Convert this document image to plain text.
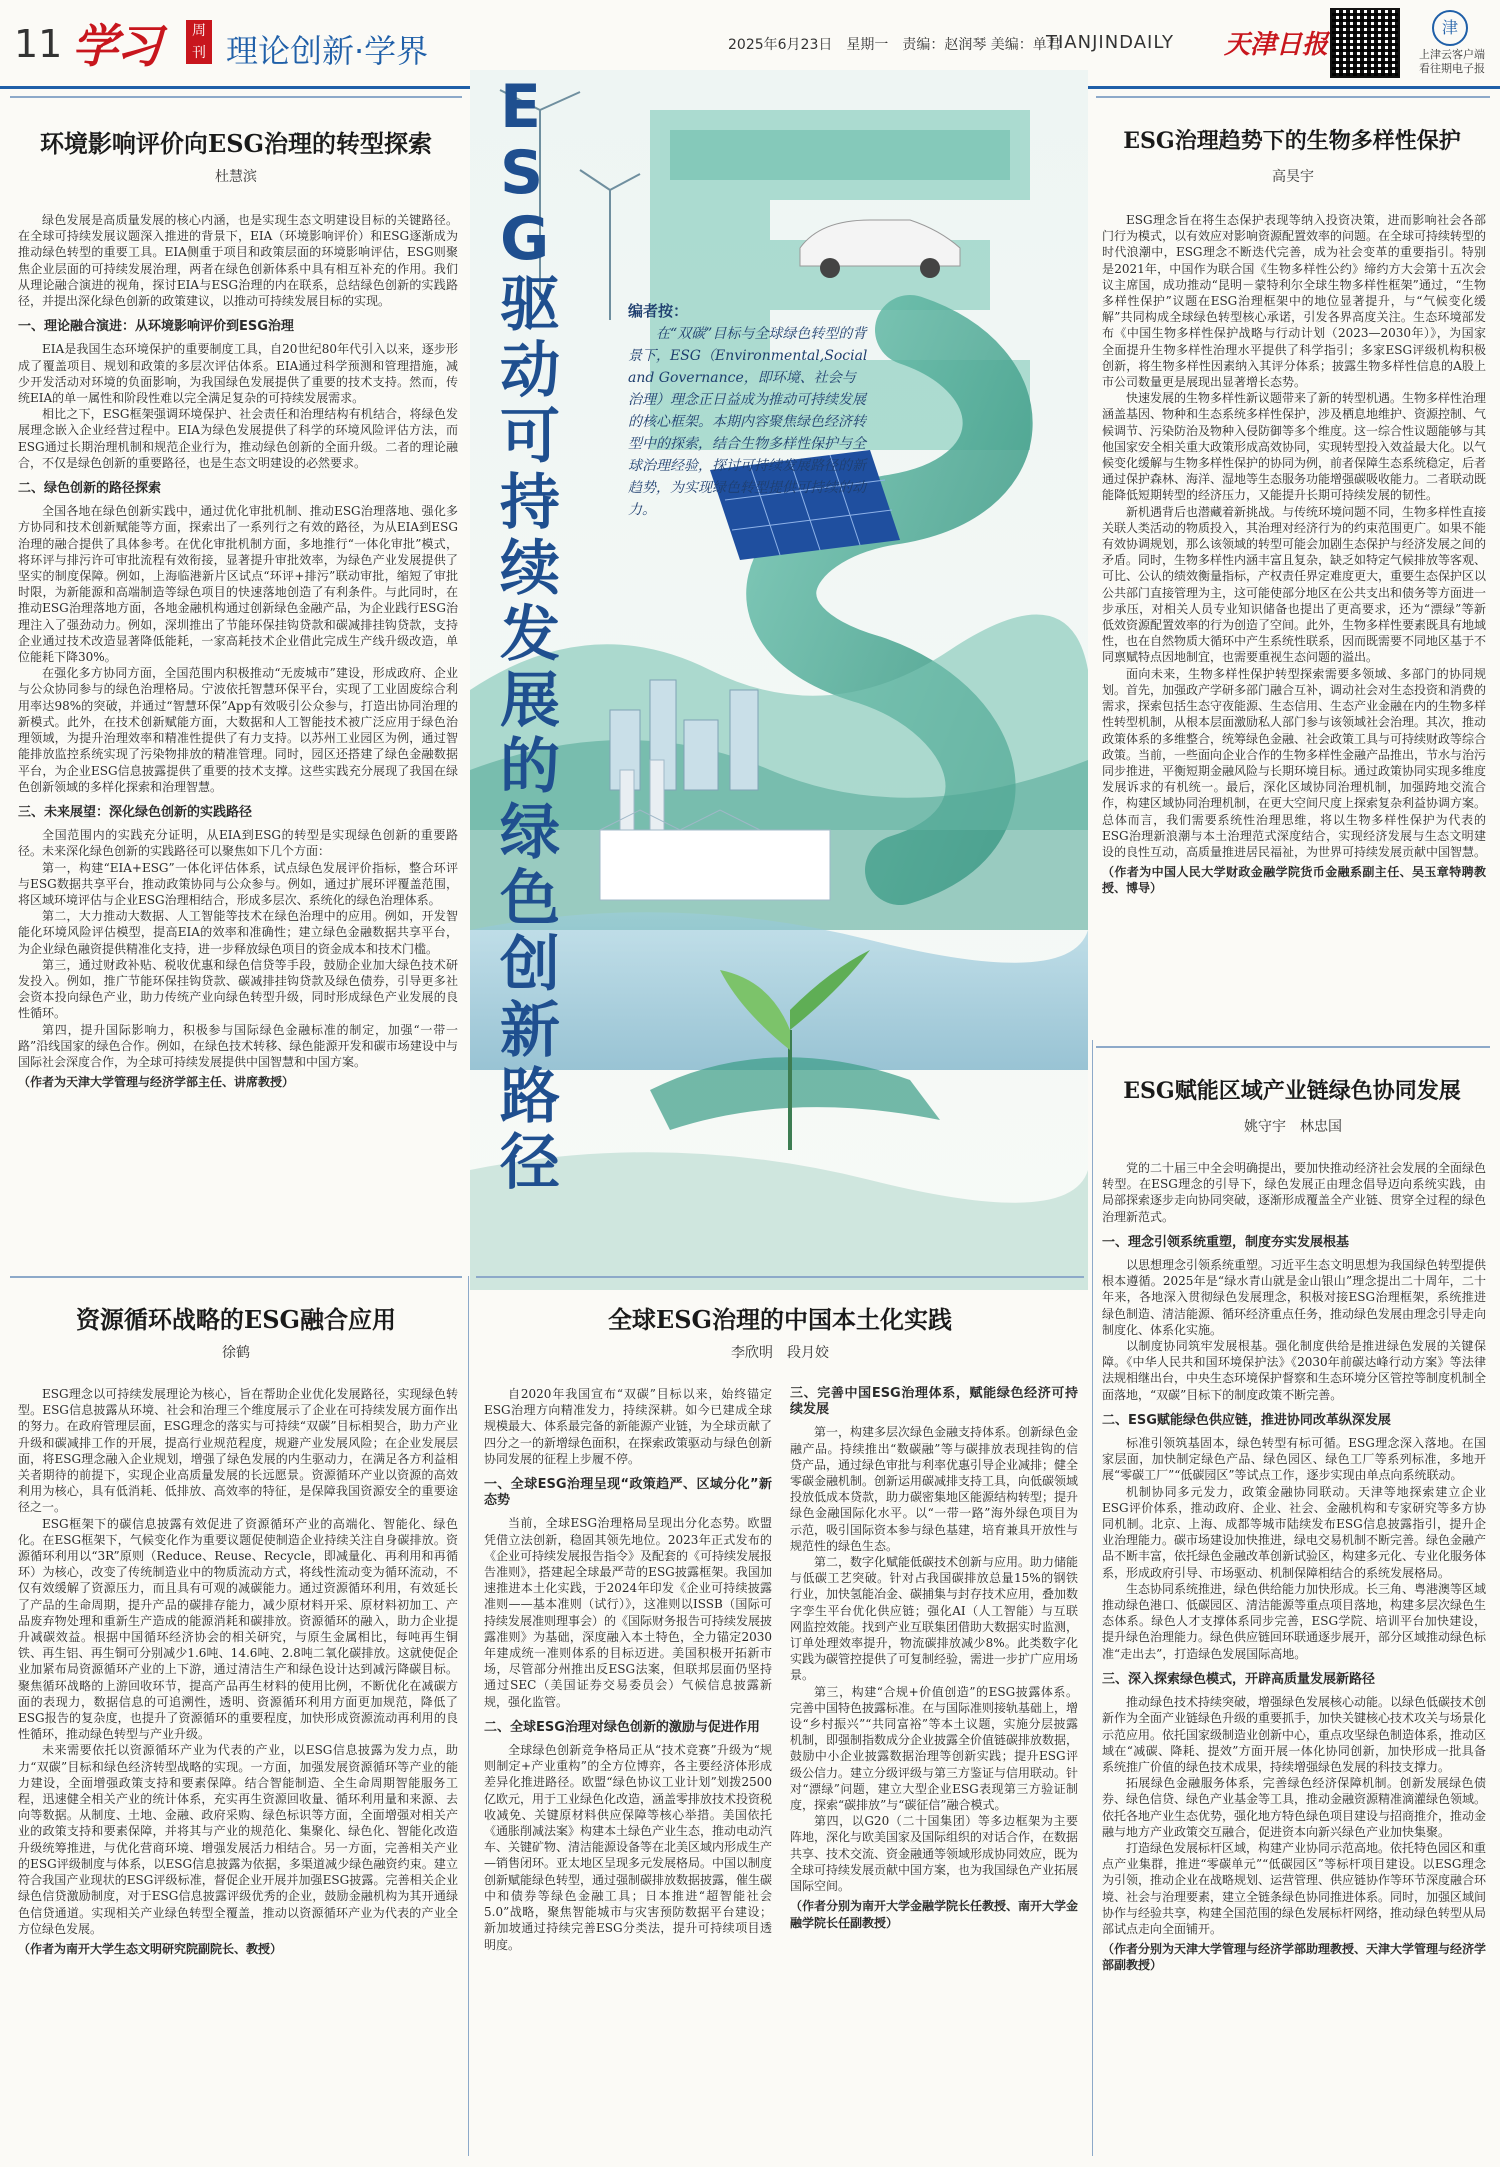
11 学习	周刊 理论创新·学界	2025年6月23日　星期一　责编：赵润琴 美编：单君
TIANJINDAILY 天津日报
津
上津云客户端
看往期电子报
环境影响评价向ESG治理的转型探索
杜慧滨

绿色发展是高质量发展的核心内涵，也是实现生态文明建设目标的关键路径。在全球可持续发展议题深入推进的背景下，EIA（环境影响评价）和ESG逐渐成为推动绿色转型的重要工具。EIA侧重于项目和政策层面的环境影响评估，ESG则聚焦企业层面的可持续发展治理，两者在绿色创新体系中具有相互补充的作用。我们从理论融合演进的视角，探讨EIA与ESG治理的内在联系，总结绿色创新的实践路径，并提出深化绿色创新的政策建议，以推动可持续发展目标的实现。

一、理论融合演进：从环境影响评价到ESG治理

EIA是我国生态环境保护的重要制度工具，自20世纪80年代引入以来，逐步形成了覆盖项目、规划和政策的多层次评估体系。EIA通过科学预测和管理措施，减少开发活动对环境的负面影响，为我国绿色发展提供了重要的技术支持。然而，传统EIA的单一属性和阶段性难以完全满足复杂的可持续发展需求。

相比之下，ESG框架强调环境保护、社会责任和治理结构有机结合，将绿色发展理念嵌入企业经营过程中。EIA为绿色发展提供了科学的环境风险评估方法，而ESG通过长期治理机制和规范企业行为，推动绿色创新的全面升级。二者的理论融合，不仅是绿色创新的重要路径，也是生态文明建设的必然要求。

二、绿色创新的路径探索

全国各地在绿色创新实践中，通过优化审批机制、推动ESG治理落地、强化多方协同和技术创新赋能等方面，探索出了一系列行之有效的路径，为从EIA到ESG治理的融合提供了具体参考。在优化审批机制方面，多地推行“一体化审批”模式，将环评与排污许可审批流程有效衔接，显著提升审批效率，为绿色产业发展提供了坚实的制度保障。例如，上海临港新片区试点“环评+排污”联动审批，缩短了审批时限，为新能源和高端制造等绿色项目的快速落地创造了有利条件。与此同时，在推动ESG治理落地方面，各地金融机构通过创新绿色金融产品，为企业践行ESG治理注入了强劲动力。例如，深圳推出了节能环保挂钩贷款和碳减排挂钩贷款，支持企业通过技术改造显著降低能耗，一家高耗技术企业借此完成生产线升级改造，单位能耗下降30%。

在强化多方协同方面，全国范围内积极推动“无废城市”建设，形成政府、企业与公众协同参与的绿色治理格局。宁波依托智慧环保平台，实现了工业固废综合利用率达98%的突破，并通过“智慧环保”App有效吸引公众参与，打造出协同治理的新模式。此外，在技术创新赋能方面，大数据和人工智能技术被广泛应用于绿色治理领域，为提升治理效率和精准性提供了有力支持。以苏州工业园区为例，通过智能排放监控系统实现了污染物排放的精准管理。同时，园区还搭建了绿色金融数据平台，为企业ESG信息披露提供了重要的技术支撑。这些实践充分展现了我国在绿色创新领域的多样化探索和治理智慧。

三、未来展望：深化绿色创新的实践路径

全国范围内的实践充分证明，从EIA到ESG的转型是实现绿色创新的重要路径。未来深化绿色创新的实践路径可以聚焦如下几个方面：

第一，构建“EIA+ESG”一体化评估体系，试点绿色发展评价指标，整合环评与ESG数据共享平台，推动政策协同与公众参与。例如，通过扩展环评覆盖范围，将区域环境评估与企业ESG治理相结合，形成多层次、系统化的绿色治理体系。

第二，大力推动大数据、人工智能等技术在绿色治理中的应用。例如，开发智能化环境风险评估模型，提高EIA的效率和准确性；建立绿色金融数据共享平台，为企业绿色融资提供精准化支持，进一步释放绿色项目的资金成本和技术门槛。

第三，通过财政补贴、税收优惠和绿色信贷等手段，鼓励企业加大绿色技术研发投入。例如，推广节能环保挂钩贷款、碳减排挂钩贷款及绿色债券，引导更多社会资本投向绿色产业，助力传统产业向绿色转型升级，同时形成绿色产业发展的良性循环。

第四，提升国际影响力，积极参与国际绿色金融标准的制定，加强“一带一路”沿线国家的绿色合作。例如，在绿色技术转移、绿色能源开发和碳市场建设中与国际社会深度合作，为全球可持续发展提供中国智慧和中国方案。

（作者为天津大学管理与经济学部主任、讲席教授）

ESG驱动可持续发展的绿色创新路径
编者按：

在“双碳”目标与全球绿色转型的背景下，ESG（Environmental,Social and Governance，即环境、社会与治理）理念正日益成为推动可持续发展的核心框架。本期内容聚焦绿色经济转型中的探索，结合生物多样性保护与全球治理经验，探讨可持续发展路径的新趋势，为实现绿色转型提供可持续的动力。

ESG治理趋势下的生物多样性保护
高昊宇

ESG理念旨在将生态保护表现等纳入投资决策，进而影响社会各部门行为模式，以有效应对影响资源配置效率的问题。在全球可持续转型的时代浪潮中，ESG理念不断迭代完善，成为社会变革的重要指引。特别是2021年，中国作为联合国《生物多样性公约》缔约方大会第十五次会议主席国，成功推动“昆明－蒙特利尔全球生物多样性框架”通过，“生物多样性保护”议题在ESG治理框架中的地位显著提升，与“气候变化缓解”共同构成全球绿色转型核心承诺，引发各界高度关注。生态环境部发布《中国生物多样性保护战略与行动计划（2023—2030年）》，为国家全面提升生物多样性治理水平提供了科学指引；多家ESG评级机构积极创新，将生物多样性因素纳入其评分体系；披露生物多样性信息的A股上市公司数量更是展现出显著增长态势。

快速发展的生物多样性新议题带来了新的转型机遇。生物多样性治理涵盖基因、物种和生态系统多样性保护，涉及栖息地维护、资源控制、气候调节、污染防治及物种入侵防御等多个维度。这一综合性议题能够与其他国家安全相关重大政策形成高效协同，实现转型投入效益最大化。以气候变化缓解与生物多样性保护的协同为例，前者保障生态系统稳定，后者通过保护森林、海洋、湿地等生态服务功能增强碳吸收能力。二者联动既能降低短期转型的经济压力，又能提升长期可持续发展的韧性。

新机遇背后也潜藏着新挑战。与传统环境问题不同，生物多样性直接关联人类活动的物质投入，其治理对经济行为的约束范围更广。如果不能有效协调规划，那么该领域的转型可能会加剧生态保护与经济发展之间的矛盾。同时，生物多样性内涵丰富且复杂，缺乏如特定气候排放等客观、可比、公认的绩效衡量指标，产权责任界定难度更大，重要生态保护区以公共部门直接管理为主，这可能使部分地区在公共支出和债务等方面进一步承压，对相关人员专业知识储备也提出了更高要求，还为“漂绿”等新低效资源配置效率的行为创造了空间。此外，生物多样性要素既具有地域性，也在自然物质大循环中产生系统性联系，因而既需要不同地区基于不同禀赋特点因地制宜，也需要重视生态问题的溢出。

面向未来，生物多样性保护转型探索需要多领域、多部门的协同规划。首先，加强政产学研多部门融合互补，调动社会对生态投资和消费的需求，探索包括生态守夜能源、生态信用、生态产业金融在内的生物多样性转型机制，从根本层面激励私人部门参与该领域社会治理。其次，推动政策体系的多维整合，统筹绿色金融、社会政策工具与可持续财政等综合政策。当前，一些面向企业合作的生物多样性金融产品推出，节水与治污同步推进，平衡短期金融风险与长期环境目标。通过政策协同实现多维度发展诉求的有机统一。最后，深化区域协同治理机制，加强跨地交流合作，构建区域协同治理机制，在更大空间尺度上探索复杂利益协调方案。总体而言，我们需要系统性治理思维，将以生物多样性保护为代表的ESG治理新浪潮与本土治理范式深度结合，实现经济发展与生态文明建设的良性互动，高质量推进居民福祉，为世界可持续发展贡献中国智慧。

（作者为中国人民大学财政金融学院货币金融系副主任、吴玉章特聘教授、博导）

ESG赋能区域产业链绿色协同发展
姚守宇　林忠国

党的二十届三中全会明确提出，要加快推动经济社会发展的全面绿色转型。在ESG理念的引导下，绿色发展正由理念倡导迈向系统实践，由局部探索逐步走向协同突破，逐渐形成覆盖全产业链、贯穿全过程的绿色治理新范式。

一、理念引领系统重塑，制度夯实发展根基

以思想理念引领系统重塑。习近平生态文明思想为我国绿色转型提供根本遵循。2025年是“绿水青山就是金山银山”理念提出二十周年，二十年来，各地深入贯彻绿色发展理念，积极对接ESG治理框架，系统推进绿色制造、清洁能源、循环经济重点任务，推动绿色发展由理念引导走向制度化、体系化实施。

以制度协同筑牢发展根基。强化制度供给是推进绿色发展的关键保障。《中华人民共和国环境保护法》《2030年前碳达峰行动方案》等法律法规相继出台，中央生态环境保护督察和生态环境分区管控等制度机制全面落地，“双碳”目标下的制度政策不断完善。

二、ESG赋能绿色供应链，推进协同改革纵深发展

标准引领筑基固本，绿色转型有标可循。ESG理念深入落地。在国家层面，加快制定绿色产品、绿色园区、绿色工厂等系列标准，多地开展“零碳工厂”“低碳园区”等试点工作，逐步实现由单点向系统联动。

机制协同多元发力，政策金融协同联动。天津等地探索建立企业ESG评价体系，推动政府、企业、社会、金融机构和专家研究等多方协同机制。北京、上海、成都等城市陆续发布ESG信息披露指引，提升企业治理能力。碳市场建设加快推进，绿电交易机制不断完善。绿色金融产品不断丰富，依托绿色金融改革创新试验区，构建多元化、专业化服务体系，形成政府引导、市场驱动、机制保障相结合的系统发展格局。

生态协同系统推进，绿色供给能力加快形成。长三角、粤港澳等区域推动绿色港口、低碳园区、清洁能源等重点项目落地，构建多层次绿色生态体系。绿色人才支撑体系同步完善，ESG学院、培训平台加快建设，提升绿色治理能力。绿色供应链回环联通逐步展开，部分区域推动绿色标准“走出去”，打造绿色发展国际高地。

三、深入探索绿色模式，开辟高质量发展新路径

推动绿色技术持续突破，增强绿色发展核心动能。以绿色低碳技术创新作为全面产业链绿色升级的重要抓手，加快关键核心技术攻关与场景化示范应用。依托国家级制造业创新中心，重点攻坚绿色制造体系，推动区域在“减碳、降耗、提效”方面开展一体化协同创新，加快形成一批具备系统推广价值的绿色技术成果，持续增强绿色发展的科技支撑力。

拓展绿色金融服务体系，完善绿色经济保障机制。创新发展绿色债券、绿色信贷、绿色产业基金等工具，推动金融资源精准滴灌绿色领域。依托各地产业生态优势，强化地方特色绿色项目建设与招商推介，推动金融与地方产业政策交互融合，促进资本向新兴绿色产业加快集聚。

打造绿色发展标杆区域，构建产业协同示范高地。依托特色园区和重点产业集群，推进“零碳单元”“低碳园区”等标杆项目建设。以ESG理念为引领，推动企业在战略规划、运营管理、供应链协作等环节深度融合环境、社会与治理要素，建立全链条绿色协同推进体系。同时，加强区域间协作与经验共享，构建全国范围的绿色发展标杆网络，推动绿色转型从局部试点走向全面铺开。

（作者分别为天津大学管理与经济学部助理教授、天津大学管理与经济学部副教授）

资源循环战略的ESG融合应用
徐鹤

ESG理念以可持续发展理论为核心，旨在帮助企业优化发展路径，实现绿色转型。ESG信息披露从环境、社会和治理三个维度展示了企业在可持续发展方面作出的努力。在政府管理层面，ESG理念的落实与可持续“双碳”目标相契合，助力产业升级和碳减排工作的开展，提高行业规范程度，规避产业发展风险；在企业发展层面，将ESG理念融入企业规划，增强了绿色发展的内生驱动力，在满足各方利益相关者期待的前提下，实现企业高质量发展的长远愿景。资源循环产业以资源的高效利用为核心，具有低消耗、低排放、高效率的特征，是保障我国资源安全的重要途径之一。

ESG框架下的碳信息披露有效促进了资源循环产业的高端化、智能化、绿色化。在ESG框架下，气候变化作为重要议题促使制造企业持续关注自身碳排放。资源循环利用以“3R”原则（Reduce、Reuse、Recycle，即减量化、再利用和再循环）为核心，改变了传统制造业中的物质流动方式，将线性流动变为循环流动，不仅有效缓解了资源压力，而且具有可观的减碳能力。通过资源循环利用，有效延长了产品的生命周期，提升产品的碳排存能力，减少原材料开采、原材料初加工、产品废弃物处理和重新生产造成的能源消耗和碳排放。资源循环的融入，助力企业提升减碳效益。根据中国循环经济协会的相关研究，与原生金属相比，每吨再生铜铁、再生铝、再生铜可分别减少1.6吨、14.6吨、2.8吨二氧化碳排放。这就使促企业加紧布局资源循环产业的上下游，通过清洁生产和绿色设计达到减污降碳目标。聚焦循环战略的上游回收环节，提高产品再生材料的使用比例，不断优化在减碳方面的表现力，数据信息的可追溯性，透明、资源循环利用方面更加规范，降低了ESG报告的复杂度，也提升了资源循环的重要程度，加快形成资源流动再利用的良性循环，推动绿色转型与产业升级。

未来需要依托以资源循环产业为代表的产业，以ESG信息披露为发力点，助力“双碳”目标和绿色经济转型战略的实现。一方面，加强发展资源循环等产业的能力建设，全面增强政策支持和要素保障。结合智能制造、全生命周期智能服务工程，迅速健全相关产业的统计体系，充实再生资源回收量、循环利用量和来源、去向等数据。从制度、土地、金融、政府采购、绿色标识等方面，全面增强对相关产业的政策支持和要素保障，并将其与产业的规范化、集聚化、绿色化、智能化改造升级统筹推进，与优化营商环境、增强发展活力相结合。另一方面，完善相关产业的ESG评级制度与体系，以ESG信息披露为依据，多渠道减少绿色融资约束。建立符合我国产业现状的ESG评级标准，督促企业开展并加强ESG披露。完善相关企业绿色信贷激励制度，对于ESG信息披露评级优秀的企业，鼓励金融机构为其开通绿色信贷通道。实现相关产业绿色转型全覆盖，推动以资源循环产业为代表的产业全方位绿色发展。

（作者为南开大学生态文明研究院副院长、教授）

全球ESG治理的中国本土化实践
李欣明　段月姣

自2020年我国宣布“双碳”目标以来，始终锚定ESG治理方向精准发力，持续深耕。如今已建成全球规模最大、体系最完备的新能源产业链，为全球贡献了四分之一的新增绿色面积，在探索政策驱动与绿色创新协同发展的征程上步履不停。

一、全球ESG治理呈现“政策趋严、区域分化”新态势

当前，全球ESG治理格局呈现出分化态势。欧盟凭借立法创新，稳固其领先地位。2023年正式发布的《企业可持续发展报告指令》及配套的《可持续发展报告准则》，搭建起全球最严苛的ESG披露框架。我国加速推进本土化实践，于2024年印发《企业可持续披露准则——基本准则（试行）》，这准则以ISSB（国际可持续发展准则理事会）的《国际财务报告可持续发展披露准则》为基础，深度融入本土特色，全力锚定2030年建成统一准则体系的目标迈进。美国积极开拓新市场，尽管部分州推出反ESG法案，但联邦层面仍坚持通过SEC（美国证券交易委员会）气候信息披露新规，强化监管。

二、全球ESG治理对绿色创新的激励与促进作用

全球绿色创新竞争格局正从“技术竞赛”升级为“规则制定+产业重构”的全方位博弈，各主要经济体形成差异化推进路径。欧盟“绿色协议工业计划”划拨2500亿欧元，用于工业绿色化改造，涵盖零排放技术投资税收减免、关键原材料供应保障等核心举措。美国依托《通胀削减法案》构建本土绿色产业生态，推动电动汽车、关键矿物、清洁能源设备等在北美区域内形成生产—销售闭环。亚太地区呈现多元发展格局。中国以制度创新赋能绿色转型，通过强制碳排放数据披露，催生碳中和债券等绿色金融工具；日本推进“超智能社会5.0”战略，聚焦智能城市与灾害预防数据平台建设；新加坡通过持续完善ESG分类法，提升可持续项目透明度。

三、完善中国ESG治理体系，赋能绿色经济可持续发展

第一，构建多层次绿色金融支持体系。创新绿色金融产品。持续推出“数碳融”等与碳排放表现挂钩的信贷产品，通过绿色审批与利率优惠引导企业减排；健全零碳金融机制。创新运用碳减排支持工具，向低碳领域投放低成本贷款，助力碳密集地区能源结构转型；提升绿色金融国际化水平。以“一带一路”海外绿色项目为示范，吸引国际资本参与绿色基建，培育兼具开放性与规范性的绿色生态。

第二，数字化赋能低碳技术创新与应用。助力储能与低碳工艺突破。针对占我国碳排放总量15%的钢铁行业，加快氢能冶金、碳捕集与封存技术应用，叠加数字孪生平台优化供应链；强化AI（人工智能）与互联网监控效能。找到产业互联集团借助大数据实时监测，订单处理效率提升，物流碳排放减少8%。此类数字化实践为碳管控提供了可复制经验，需进一步扩广应用场景。

第三，构建“合规+价值创造”的ESG披露体系。完善中国特色披露标准。在与国际准则接轨基础上，增设“乡村振兴”“共同富裕”等本土议题，实施分层披露机制，即强制指数成分企业披露全价值链碳排放数据，鼓励中小企业披露数据治理等创新实践；提升ESG评级公信力。建立分级评级与第三方鉴证与信用联动。针对“漂绿”问题，建立大型企业ESG表现第三方验证制度，探索“碳排放”与“碳征信”融合模式。

第四，以G20（二十国集团）等多边框架为主要阵地，深化与欧美国家及国际组织的对话合作，在数据共享、技术交流、资金融通等领域形成协同效应，既为全球可持续发展贡献中国方案，也为我国绿色产业拓展国际空间。

（作者分别为南开大学金融学院长任教授、南开大学金融学院长任副教授）
